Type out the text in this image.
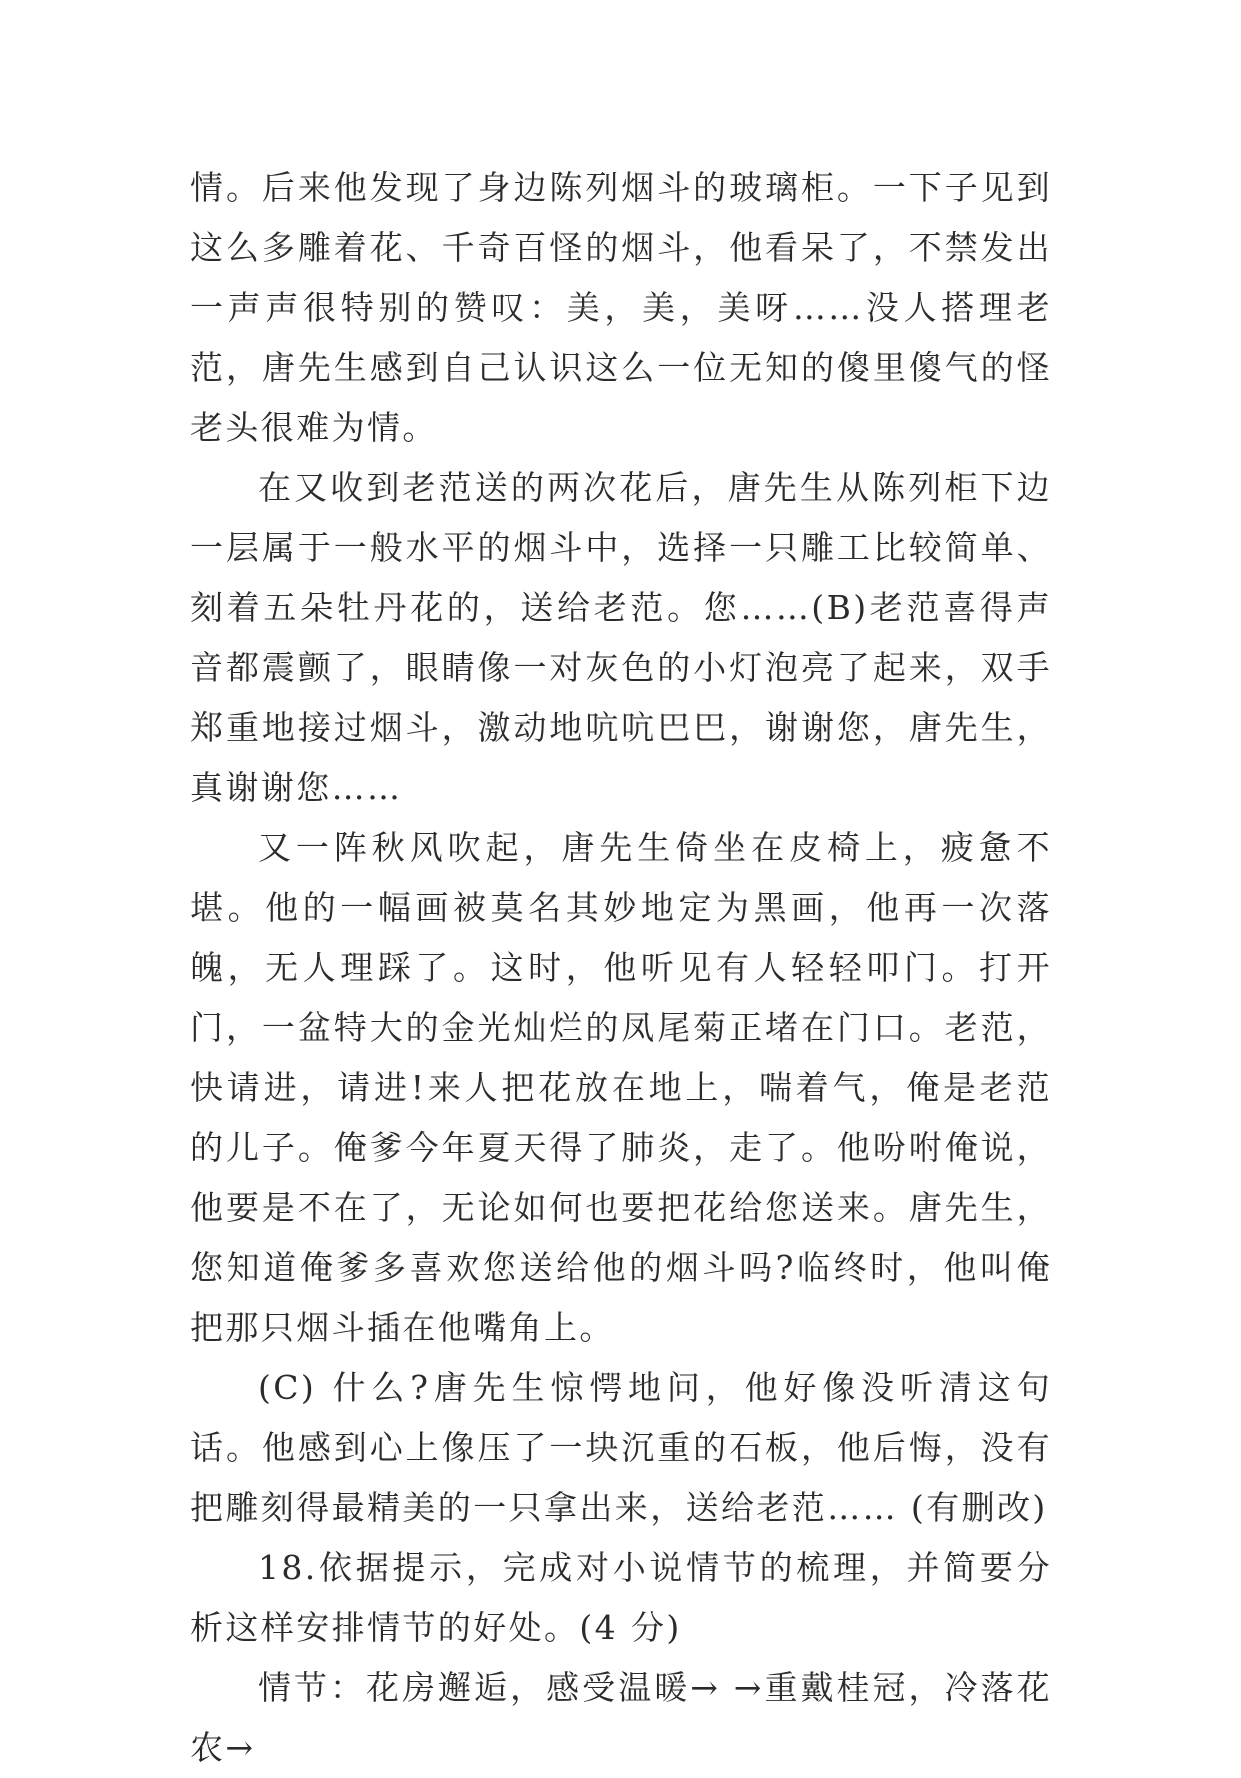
情。后来他发现了身边陈列烟斗的玻璃柜。一下子见到这么多雕着花、千奇百怪的烟斗，他看呆了，不禁发出一声声很特别的赞叹：美，美，美呀……没人搭理老范，唐先生感到自己认识这么一位无知的傻里傻气的怪老头很难为情。

在又收到老范送的两次花后，唐先生从陈列柜下边一层属于一般水平的烟斗中，选择一只雕工比较简单、刻着五朵牡丹花的，送给老范。您……(B)老范喜得声音都震颤了，眼睛像一对灰色的小灯泡亮了起来，双手郑重地接过烟斗，激动地吭吭巴巴，谢谢您，唐先生，真谢谢您……

又一阵秋风吹起，唐先生倚坐在皮椅上，疲惫不堪。他的一幅画被莫名其妙地定为黑画，他再一次落魄，无人理踩了。这时，他听见有人轻轻叩门。打开门，一盆特大的金光灿烂的凤尾菊正堵在门口。老范，快请进，请进!来人把花放在地上，喘着气，俺是老范的儿子。俺爹今年夏天得了肺炎，走了。他吩咐俺说，他要是不在了，无论如何也要把花给您送来。唐先生，您知道俺爹多喜欢您送给他的烟斗吗?临终时，他叫俺把那只烟斗插在他嘴角上。

(C) 什么?唐先生惊愕地问，他好像没听清这句话。他感到心上像压了一块沉重的石板，他后悔，没有把雕刻得最精美的一只拿出来，送给老范…… (有删改)

18.依据提示，完成对小说情节的梳理，并简要分析这样安排情节的好处。(4 分)

情节：花房邂逅，感受温暖→ →重戴桂冠，冷落花农→
